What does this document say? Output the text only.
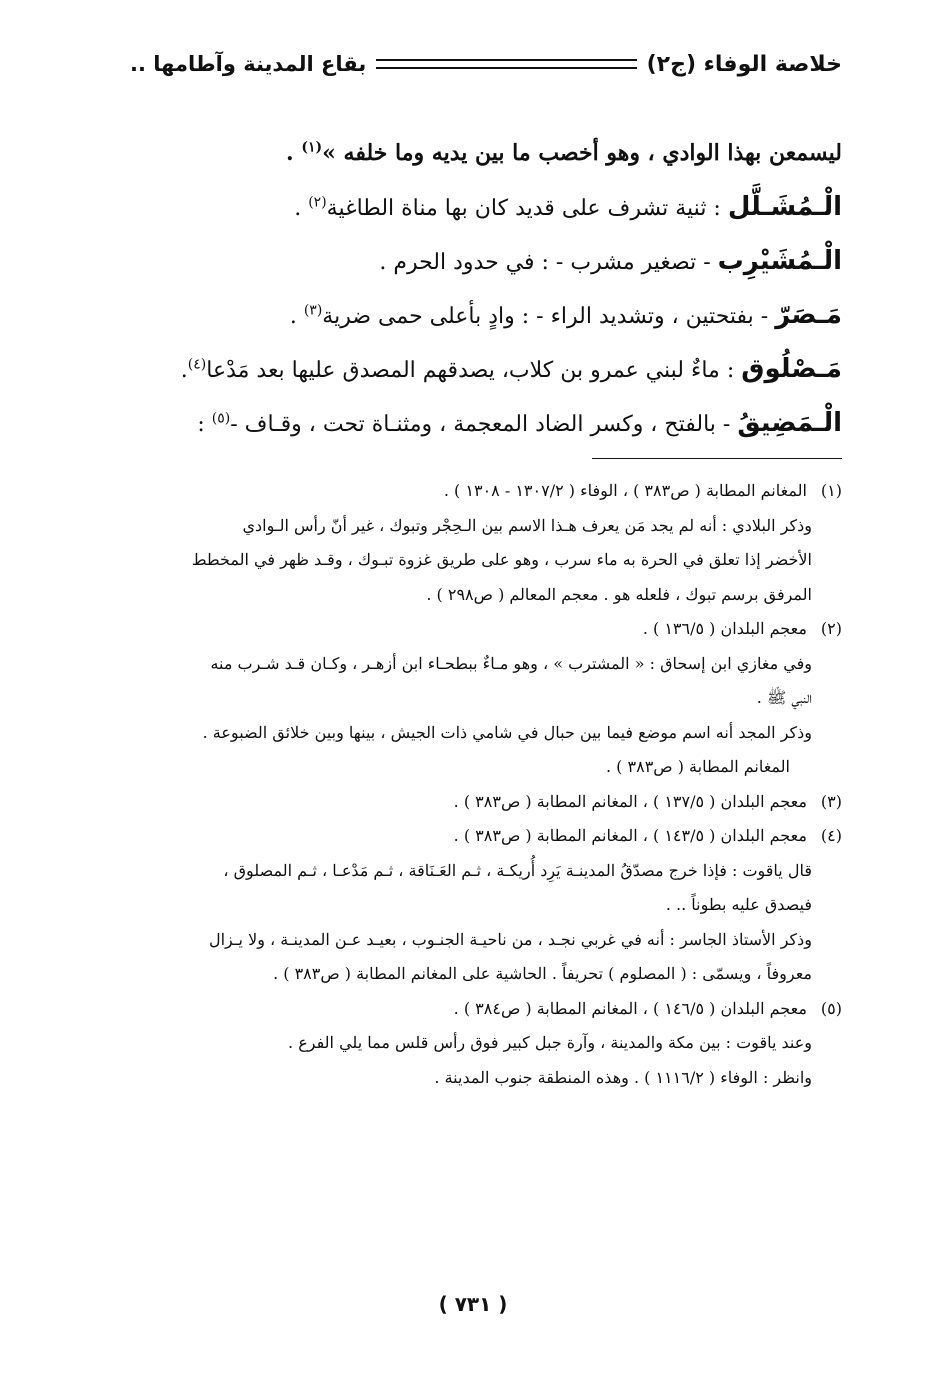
خلاصة الوفاء (ج٢)
بقاع المدينة وآطامها ..
ليسمعن بهذا الوادي ، وهو أخصب ما بين يديه وما خلفه »$^{(١)}$ .
الْـمُشَـلَّل : ثنية تشرف على قديد كان بها مناة الطاغية$^{(٢)}$ .
الْـمُشَيْرِب - تصغير مشرب - : في حدود الحرم .
مَـصَرّ - بفتحتين ، وتشديد الراء - : وادٍ بأعلى حمى ضرية$^{(٣)}$ .
مَـصْلُوق : ماءٌ لبني عمرو بن كلاب، يصدقهم المصدق عليها بعد مَدْعا$^{(٤)}$.
الْـمَضِيقُ - بالفتح ، وكسر الضاد المعجمة ، ومثنـاة تحت ، وقـاف -$^{(٥)}$ :
(١) المغانم المطابة ( ص٣٨٣ ) ، الوفاء ( ١٣٠٧/٢ - ١٣٠٨ ) .
وذكر البلادي : أنه لم يجد مَن يعرف هـذا الاسم بين الـحِجْر وتبوك ، غير أنّ رأس الـوادي
الأخضر إذا تعلق في الحرة به ماء سرب ، وهو على طريق غزوة تبـوك ، وقـد ظهر في المخطط
المرفق برسم تبوك ، فلعله هو . معجم المعالم ( ص٢٩٨ ) .
(٢) معجم البلدان ( ١٣٦/٥ ) .
وفي مغازي ابن إسحاق : « المشترب » ، وهو مـاءٌ ببطحـاء ابن أزهـر ، وكـان قـد شـرب منه
النبي ﷺ .
وذكر المجد أنه اسم موضع فيما بين حبال في شامي ذات الجيش ، بينها وبين خلائق الضبوعة .
المغانم المطابة ( ص٣٨٣ ) .
(٣) معجم البلدان ( ١٣٧/٥ ) ، المغانم المطابة ( ص٣٨٣ ) .
(٤) معجم البلدان ( ١٤٣/٥ ) ، المغانم المطابة ( ص٣٨٣ ) .
قال ياقوت : فإذا خرج مصدّقُ المدينـة يَرِد أُريكـة ، ثـم العَـنَاقة ، ثـم مَدْعـا ، ثـم المصلوق ،
فيصدق عليه بطوناً .. .
وذكر الأستاذ الجاسر : أنه في غربي نجـد ، من ناحيـة الجنـوب ، بعيـد عـن المدينـة ، ولا يـزال
معروفاً ، ويسمّى : ( المصلوم ) تحريفاً . الحاشية على المغانم المطابة ( ص٣٨٣ ) .
(٥) معجم البلدان ( ١٤٦/٥ ) ، المغانم المطابة ( ص٣٨٤ ) .
وعند ياقوت : بين مكة والمدينة ، وآرة جبل كبير فوق رأس قلس مما يلي الفرع .
وانظر : الوفاء ( ١١١٦/٢ ) . وهذه المنطقة جنوب المدينة .
( ٧٣١ )
